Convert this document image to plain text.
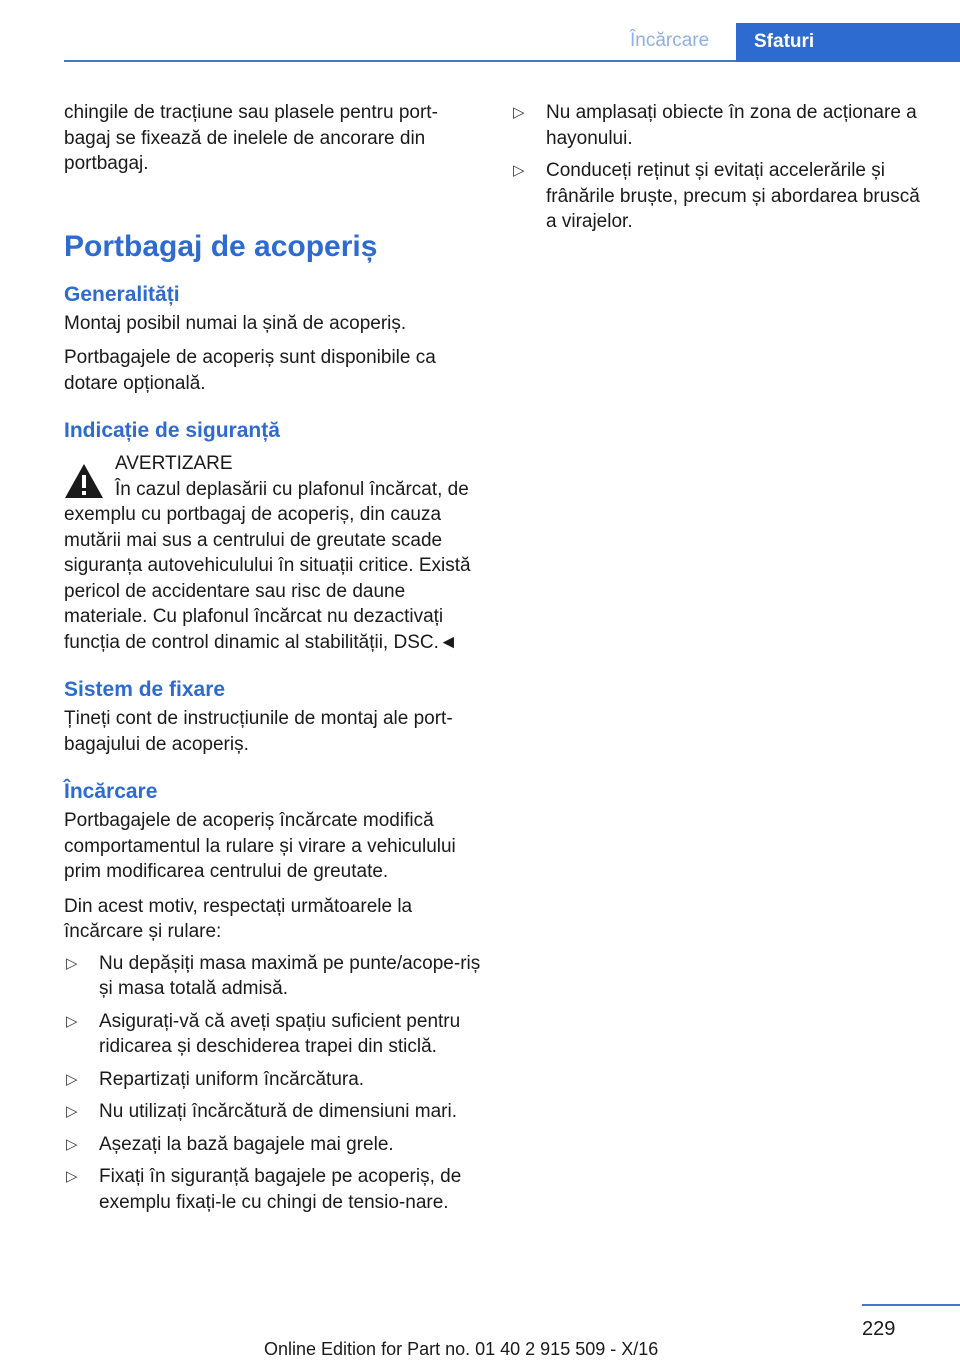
Încărcare	Sfaturi

chingile de tracțiune sau plasele pentru port-bagaj se fixează de inelele de ancorare din portbagaj.

Portbagaj de acoperiș
Generalități

Montaj posibil numai la șină de acoperiș.

Portbagajele de acoperiș sunt disponibile ca dotare opțională.

Indicație de siguranță

AVERTIZARE

În cazul deplasării cu plafonul încărcat, de

exemplu cu portbagaj de acoperiș, din cauza mutării mai sus a centrului de greutate scade siguranța autovehiculului în situații critice. Există pericol de accidentare sau risc de daune materiale. Cu plafonul încărcat nu dezactivați funcția de control dinamic al stabilității, DSC.◄

Sistem de fixare

Țineți cont de instrucțiunile de montaj ale port-bagajului de acoperiș.

Încărcare

Portbagajele de acoperiș încărcate modifică comportamentul la rulare și virare a vehiculului prim modificarea centrului de greutate.

Din acest motiv, respectați următoarele la încărcare și rulare:

▷ Nu depășiți masa maximă pe punte/acope-riș și masa totală admisă.
▷ Asigurați-vă că aveți spațiu suficient pentru ridicarea și deschiderea trapei din sticlă.
▷ Repartizați uniform încărcătura.
▷ Nu utilizați încărcătură de dimensiuni mari.
▷ Așezați la bază bagajele mai grele.
▷ Fixați în siguranță bagajele pe acoperiș, de exemplu fixați-le cu chingi de tensio-nare.
▷ Nu amplasați obiecte în zona de acționare a hayonului.
▷ Conduceți reținut și evitați accelerările și frânările bruște, precum și abordarea bruscă a virajelor.
229
Online Edition for Part no. 01 40 2 915 509 - X/16
